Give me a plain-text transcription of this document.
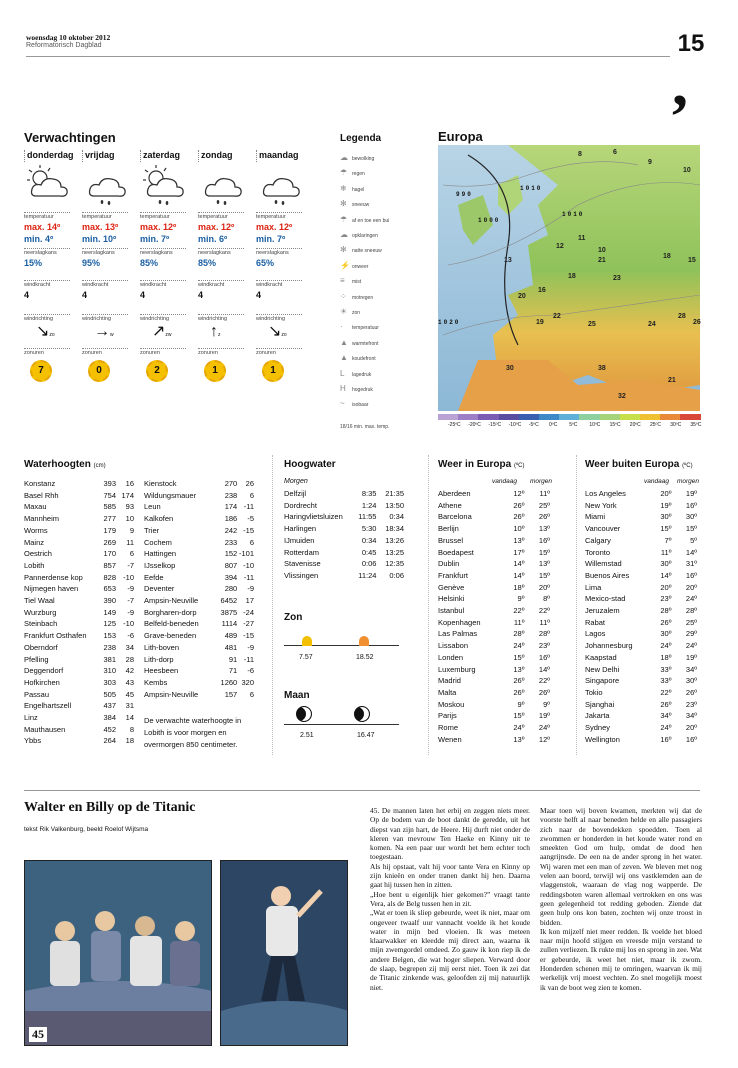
woensdag 10 oktober 2012
Reformatorisch Dagblad	15
,
Verwachtingen
donderdag
temperatuur
max. 14º
min. 4º
neerslagkans
15%
windkracht
4
windrichting
↘zo
zonuren
7
vrijdag
temperatuur
max. 13º
min. 10º
neerslagkans
95%
windkracht
4
windrichting
→w
zonuren
0
zaterdag
temperatuur
max. 12º
min. 7º
neerslagkans
85%
windkracht
4
windrichting
↗zw
zonuren
2
zondag
temperatuur
max. 12º
min. 6º
neerslagkans
85%
windkracht
4
windrichting
↑z
zonuren
1
maandag
temperatuur
max. 12º
min. 7º
neerslagkans
65%
windkracht
4
windrichting
↘zo
zonuren
1
Legenda
☁ bewolking
☂ regen
❄ hagel
✻ sneeuw
☂ af en toe een bui
☁ opklaringen
✻ natte sneeuw
⚡ onweer
≡ mist
⁘ motregen
☀ zon
· temperatuur
▲ warmtefront
▲ koudefront
L lagedruk
H hogedruk
~ isobaar
18/16 min. max. temp.
Europa
8	6
9
10
13
12
11
10
21
18
15
18
20
16
23
19
22
25	24	26
28
30	38
32
21
990
1010
1000
1020
1010
-25ºC -20ºC -15ºC -10ºC -5ºC 0ºC 5ºC 10ºC 15ºC 20ºC 25ºC 30ºC 35ºC
Waterhoogten (cm)
Konstanz	393	16
Basel Rhh	754 174
Maxau	585	93
Mannheim	277	10
Worms	179	9
Mainz	269	11
Oestrich	170	6
Lobith	857	-7
Pannerdense kop	828 -10
Nijmegen haven	653	-9
Tiel Waal	390	-7
Wurzburg	149	-9
Steinbach	125 -10
Frankfurt Osthafen	153	-6
Oberndorf	238	34
Pfelling	381	28
Deggendorf	310	42
Hofkirchen	303	43
Passau	505	45
Engelhartszell	437	31
Linz	384	14
Mauthausen	452	8
Ybbs	264	18
Kienstock	270	26
Wildungsmauer	238	6
Leun	174 -11
Kalkofen	186	-5
Trier	242 -15
Cochem	233	6
Hattingen	152 -101
IJsselkop	807 -10
Eefde	394 -11
Deventer	280	-9
Ampsin-Neuville	6452	17
Borgharen-dorp	3875 -24
Belfeld-beneden	1114 -27
Grave-beneden	489 -15
Lith-boven	481	-9
Lith-dorp	91 -11
Heesbeen	71	-6
Kembs	1260 320
Ampsin-Neuville	157	6
De verwachte waterhoogte in Lobith is voor morgen en overmorgen 850 centimeter.
Hoogwater
Morgen
Delfzijl	8:35	21:35
Dordrecht	1:24	13:50
Haringvlietsluizen	11:55	0:34
Harlingen	5:30	18:34
IJmuiden	0:34	13:26
Rotterdam	0:45	13:25
Stavenisse	0:06	12:35
Vlissingen	11:24	0:06
Zon
7.57	18.52
Maan
2.51	16.47
Weer in Europa (ºC)
vandaag morgen
Aberdeen	12º	11º
Athene	26º	25º
Barcelona	26º	26º
Berlijn	10º	13º
Brussel	13º	16º
Boedapest	17º	15º
Dublin	14º	13º
Frankfurt	14º	15º
Genève	18º	20º
Helsinki	9º	8º
Istanbul	22º	22º
Kopenhagen	11º	11º
Las Palmas	28º	28º
Lissabon	24º	23º
Londen	15º	16º
Luxemburg	13º	14º
Madrid	26º	22º
Malta	26º	26º
Moskou	9º	9º
Parijs	15º	19º
Rome	24º	24º
Wenen	13º	12º
Weer buiten Europa (ºC)
vandaag morgen
Los Angeles	20º	19º
New York	19º	16º
Miami	30º	30º
Vancouver	15º	15º
Calgary	7º	5º
Toronto	11º	14º
Willemstad	30º	31º
Buenos Aires	14º	16º
Lima	20º	20º
Mexico-stad	23º	24º
Jeruzalem	28º	28º
Rabat	26º	25º
Lagos	30º	29º
Johannesburg	24º	24º
Kaapstad	18º	19º
New Delhi	33º	34º
Singapore	33º	30º
Tokio	22º	26º
Sjanghai	26º	23º
Jakarta	34º	34º
Sydney	24º	20º
Wellington	16º	16º
Walter en Billy op de Titanic
tekst Rik Valkenburg, beeld Roelof Wijtsma
45
45. De mannen laten het erbij en zeggen niets meer. Op de bodem van de boot dankt de geredde, uit het diepst van zijn hart, de Heere. Hij durft niet onder de kleren van mevrouw Ten Haeke en Kinny uit te komen. Na een paar uur wordt het hem echter toch toegestaan.
Als hij opstaat, valt hij voor tante Vera en Kinny op zijn knieën en onder tranen dankt hij hen. Daarna gaat hij tussen hen in zitten.
„Hoe bent u eigenlijk hier gekomen?” vraagt tante Vera, als de Belg tussen hen in zit.
„Wat er toen ik sliep gebeurde, weet ik niet, maar om ongeveer twaalf uur vannacht voelde ik het koude water in mijn bed vloeien. Ik was meteen klaarwakker en kleedde mij direct aan, waarna ik mijn zwemgordel omdeed. Zo gauw ik kon riep ik de andere Belgen, die wat hoger sliepen. Verward door de slaap, begrepen zij mij eerst niet. Toen ik zei dat de Titanic zinkende was, geloofden zij mij natuurlijk niet.
Maar toen wij boven kwamen, merkten wij dat de voorste helft al naar beneden helde en alle passagiers zich naar de bovendekken spoedden. Toen al zwommen er honderden in het koude water rond en smeekten God om hulp, omdat de dood hen aangrijnsde. De een na de ander sprong in het water. Wij waren met een man of zeven. We bleven met nog velen aan boord, terwijl wij ons vastklemden aan de vlaggenstok, waaraan de vlag nog wapperde. De reddingsboten waren allemaal vertrokken en ons was geen gelegenheid tot redding geboden. Ziende dat geen hulp ons kon baten, zochten wij onze troost in bidden.
Ik kon mijzelf niet meer redden. Ik voelde het bloed naar mijn hoofd stijgen en vreesde mijn verstand te zullen verliezen. Ik rukte mij los en sprong in zee. Wat er gebeurde, ik weet het niet, maar ik zwom. Honderden schenen mij te omringen, waarvan ik mij werkelijk vrij moest vechten. Zo snel mogelijk moest ik van de boot weg zien te komen.
